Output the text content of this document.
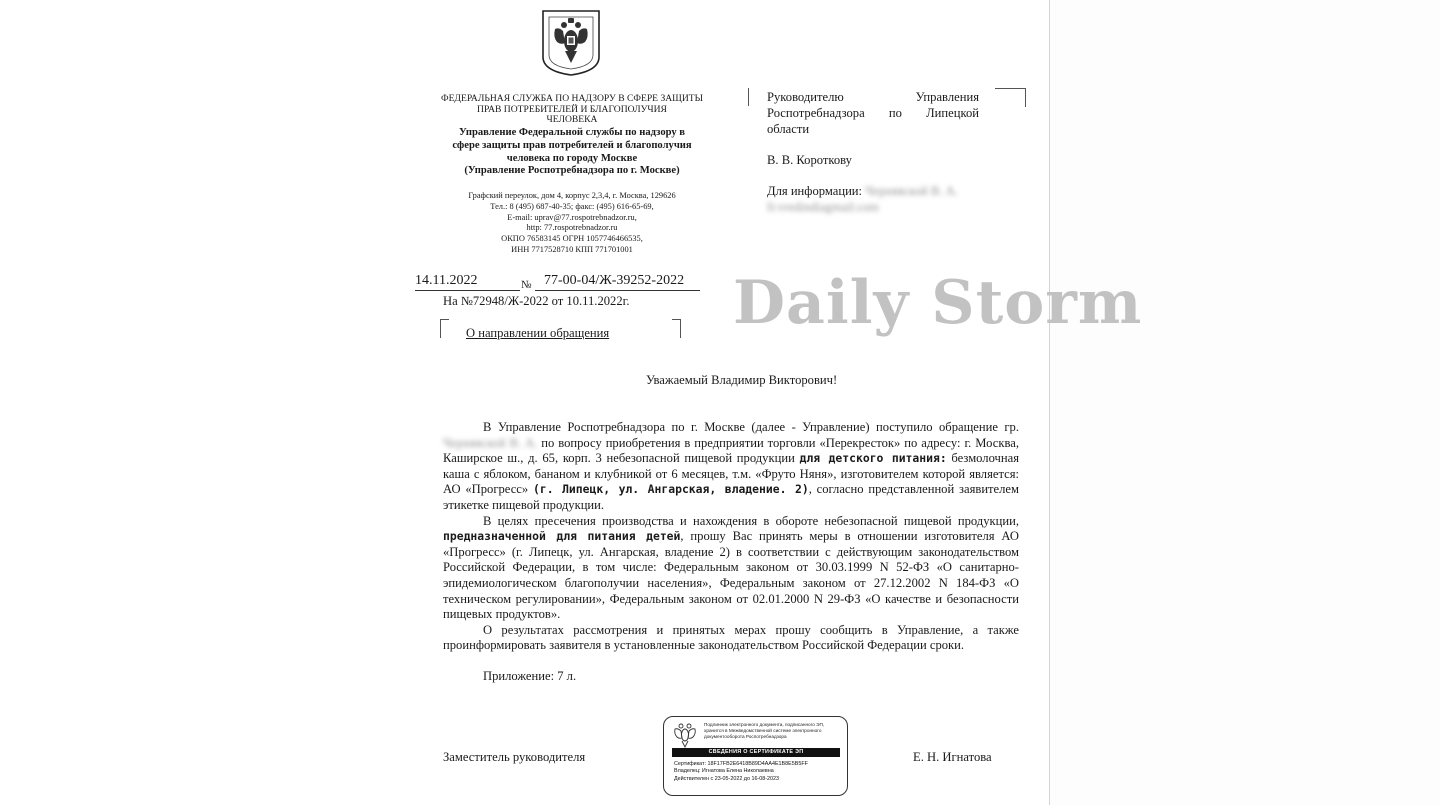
ФЕДЕРАЛЬНАЯ СЛУЖБА ПО НАДЗОРУ В СФЕРЕ ЗАЩИТЫ
ПРАВ ПОТРЕБИТЕЛЕЙ И БЛАГОПОЛУЧИЯ
ЧЕЛОВЕКА
Управление Федеральной службы по надзору в
сфере защиты прав потребителей и благополучия
человека по городу Москве
(Управление Роспотребнадзора по г. Москве)
Графский переулок, дом 4, корпус 2,3,4, г. Москва, 129626
Тел.: 8 (495) 687-40-35; факс: (495) 616-65-69,
E-mail: uprav@77.rospotrebnadzor.ru,
http: 77.rospotrebnadzor.ru
ОКПО 76583145 ОГРН 1057746466535,
ИНН 7717528710 КПП 771701001
Руководителю Управления
Роспотребнадзора по Липецкой
области
В. В. Короткову
Для информации: Чернявской В. А.
fr.vredindiagmail.com
14.11.2022	№ 77-00-04/Ж-39252-2022
На №72948/Ж-2022 от 10.11.2022г.
О направлении обращения Daily Storm
Уважаемый Владимир Викторович!

В Управление Роспотребнадзора по г. Москве (далее - Управление) поступило обращение гр. Чернявской В. А. по вопросу приобретения в предприятии торговли «Перекресток» по адресу: г. Москва, Каширское ш., д. 65, корп. 3 небезопасной пищевой продукции для детского питания: безмолочная каша с яблоком, бананом и клубникой от 6 месяцев, т.м. «Фруто Няня», изготовителем которой является: АО «Прогресс» (г. Липецк, ул. Ангарская, владение. 2), согласно представленной заявителем этикетке пищевой продукции.

В целях пресечения производства и нахождения в обороте небезопасной пищевой продукции, предназначенной для питания детей, прошу Вас принять меры в отношении изготовителя АО «Прогресс» (г. Липецк, ул. Ангарская, владение 2) в соответствии с действующим законодательством Российской Федерации, в том числе: Федеральным законом от 30.03.1999 N 52-ФЗ «О санитарно-эпидемиологическом благополучии населения», Федеральным законом от 27.12.2002 N 184-ФЗ «О техническом регулировании», Федеральным законом от 02.01.2000 N 29-ФЗ «О качестве и безопасности пищевых продуктов».

О результатах рассмотрения и принятых мерах прошу сообщить в Управление, а также проинформировать заявителя в установленные законодательством Российской Федерации сроки.

Приложение: 7 л.
Заместитель руководителя	Е. Н. Игнатова
Подлинник электронного документа, подписанного ЭП, хранится в Межведомственной системе электронного документооборота Роспотребнадзора
СВЕДЕНИЯ О СЕРТИФИКАТЕ ЭП
Сертификат: 18F17FB2E6418B89D4AA4E1B8E5B5FF
Владелец: Игнатова Елена Николаевна
Действителен с 23-05-2022 до 16-08-2023
